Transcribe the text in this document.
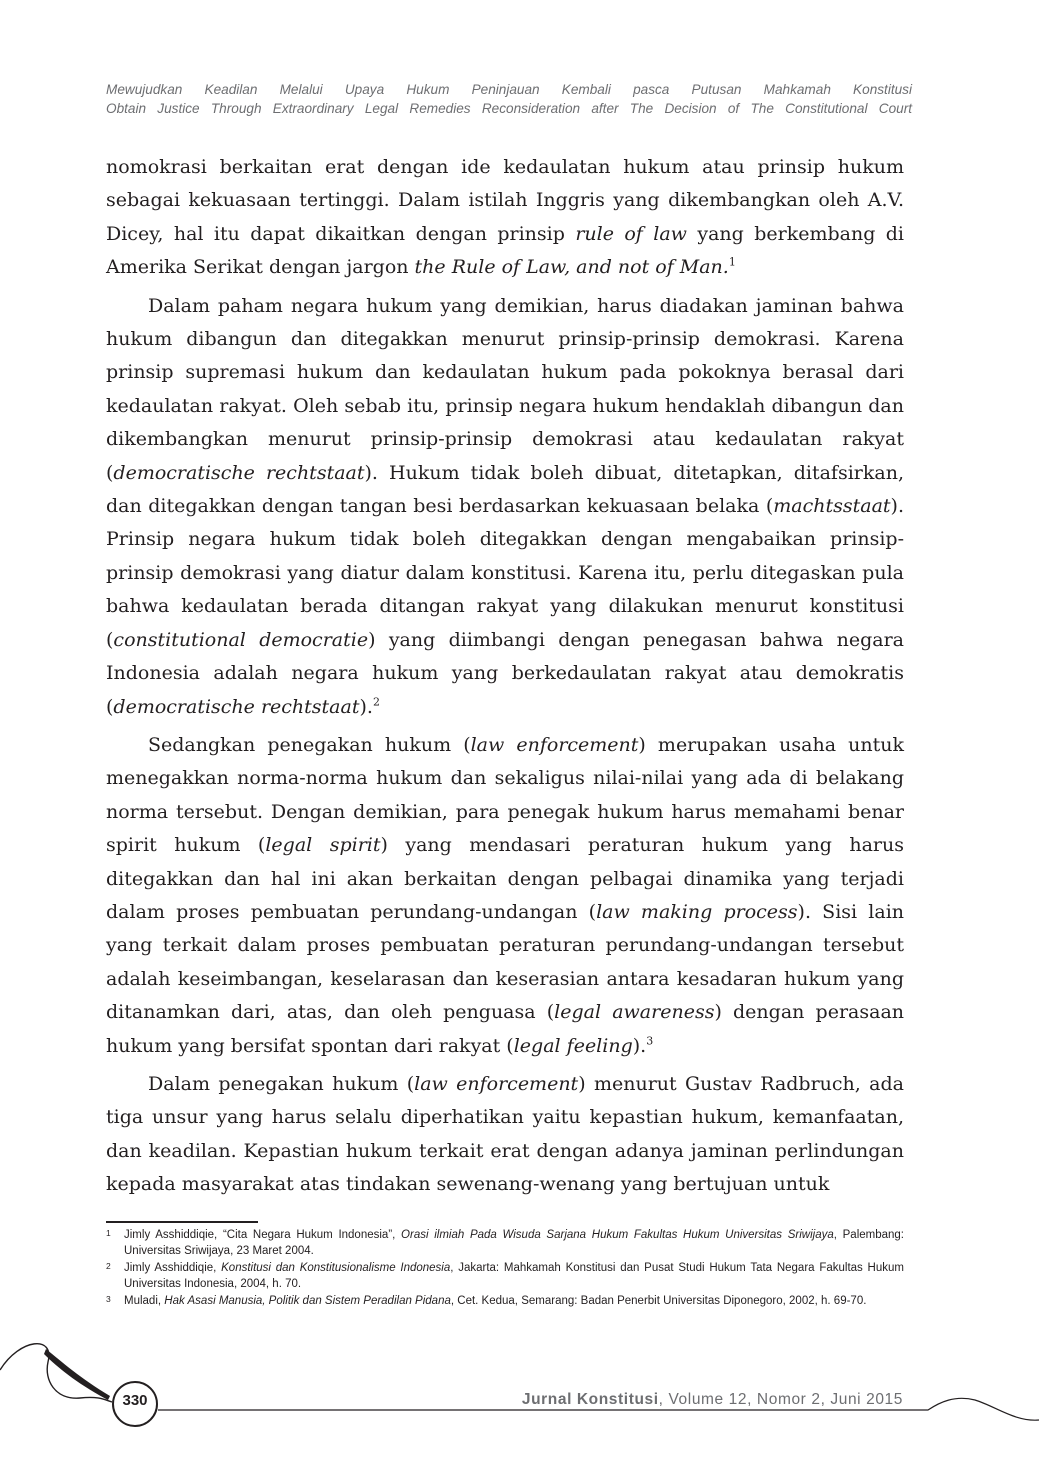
Mewujudkan Keadilan Melalui Upaya Hukum Peninjauan Kembali pasca Putusan Mahkamah Konstitusi
Obtain Justice Through Extraordinary Legal Remedies Reconsideration after The Decision of The Constitutional Court

nomokrasi berkaitan erat dengan ide kedaulatan hukum atau prinsip hukum sebagai kekuasaan tertinggi. Dalam istilah Inggris yang dikembangkan oleh A.V. Dicey, hal itu dapat dikaitkan dengan prinsip rule of law yang berkembang di Amerika Serikat dengan jargon the Rule of Law, and not of Man.$^1$

Dalam paham negara hukum yang demikian, harus diadakan jaminan bahwa hukum dibangun dan ditegakkan menurut prinsip-prinsip demokrasi. Karena prinsip supremasi hukum dan kedaulatan hukum pada pokoknya berasal dari kedaulatan rakyat. Oleh sebab itu, prinsip negara hukum hendaklah dibangun dan dikembangkan menurut prinsip-prinsip demokrasi atau kedaulatan rakyat (democratische rechtstaat). Hukum tidak boleh dibuat, ditetapkan, ditafsirkan, dan ditegakkan dengan tangan besi berdasarkan kekuasaan belaka (machtsstaat). Prinsip negara hukum tidak boleh ditegakkan dengan mengabaikan prinsip-prinsip demokrasi yang diatur dalam konstitusi. Karena itu, perlu ditegaskan pula bahwa kedaulatan berada ditangan rakyat yang dilakukan menurut konstitusi (constitutional democratie) yang diimbangi dengan penegasan bahwa negara Indonesia adalah negara hukum yang berkedaulatan rakyat atau demokratis (democratische rechtstaat).$^2$

Sedangkan penegakan hukum (law enforcement) merupakan usaha untuk menegakkan norma-norma hukum dan sekaligus nilai-nilai yang ada di belakang norma tersebut. Dengan demikian, para penegak hukum harus memahami benar spirit hukum (legal spirit) yang mendasari peraturan hukum yang harus ditegakkan dan hal ini akan berkaitan dengan pelbagai dinamika yang terjadi dalam proses pembuatan perundang-undangan (law making process). Sisi lain yang terkait dalam proses pembuatan peraturan perundang-undangan tersebut adalah keseimbangan, keselarasan dan keserasian antara kesadaran hukum yang ditanamkan dari, atas, dan oleh penguasa (legal awareness) dengan perasaan hukum yang bersifat spontan dari rakyat (legal feeling).$^3$

Dalam penegakan hukum (law enforcement) menurut Gustav Radbruch, ada tiga unsur yang harus selalu diperhatikan yaitu kepastian hukum, kemanfaatan, dan keadilan. Kepastian hukum terkait erat dengan adanya jaminan perlindungan kepada masyarakat atas tindakan sewenang-wenang yang bertujuan untuk

1 Jimly Asshiddiqie, “Cita Negara Hukum Indonesia”, Orasi ilmiah Pada Wisuda Sarjana Hukum Fakultas Hukum Universitas Sriwijaya, Palembang: Universitas Sriwijaya, 23 Maret 2004.
2 Jimly Asshiddiqie, Konstitusi dan Konstitusionalisme Indonesia, Jakarta: Mahkamah Konstitusi dan Pusat Studi Hukum Tata Negara Fakultas Hukum Universitas Indonesia, 2004, h. 70.
3 Muladi, Hak Asasi Manusia, Politik dan Sistem Peradilan Pidana, Cet. Kedua, Semarang: Badan Penerbit Universitas Diponegoro, 2002, h. 69-70.
330	Jurnal Konstitusi, Volume 12, Nomor 2, Juni 2015
